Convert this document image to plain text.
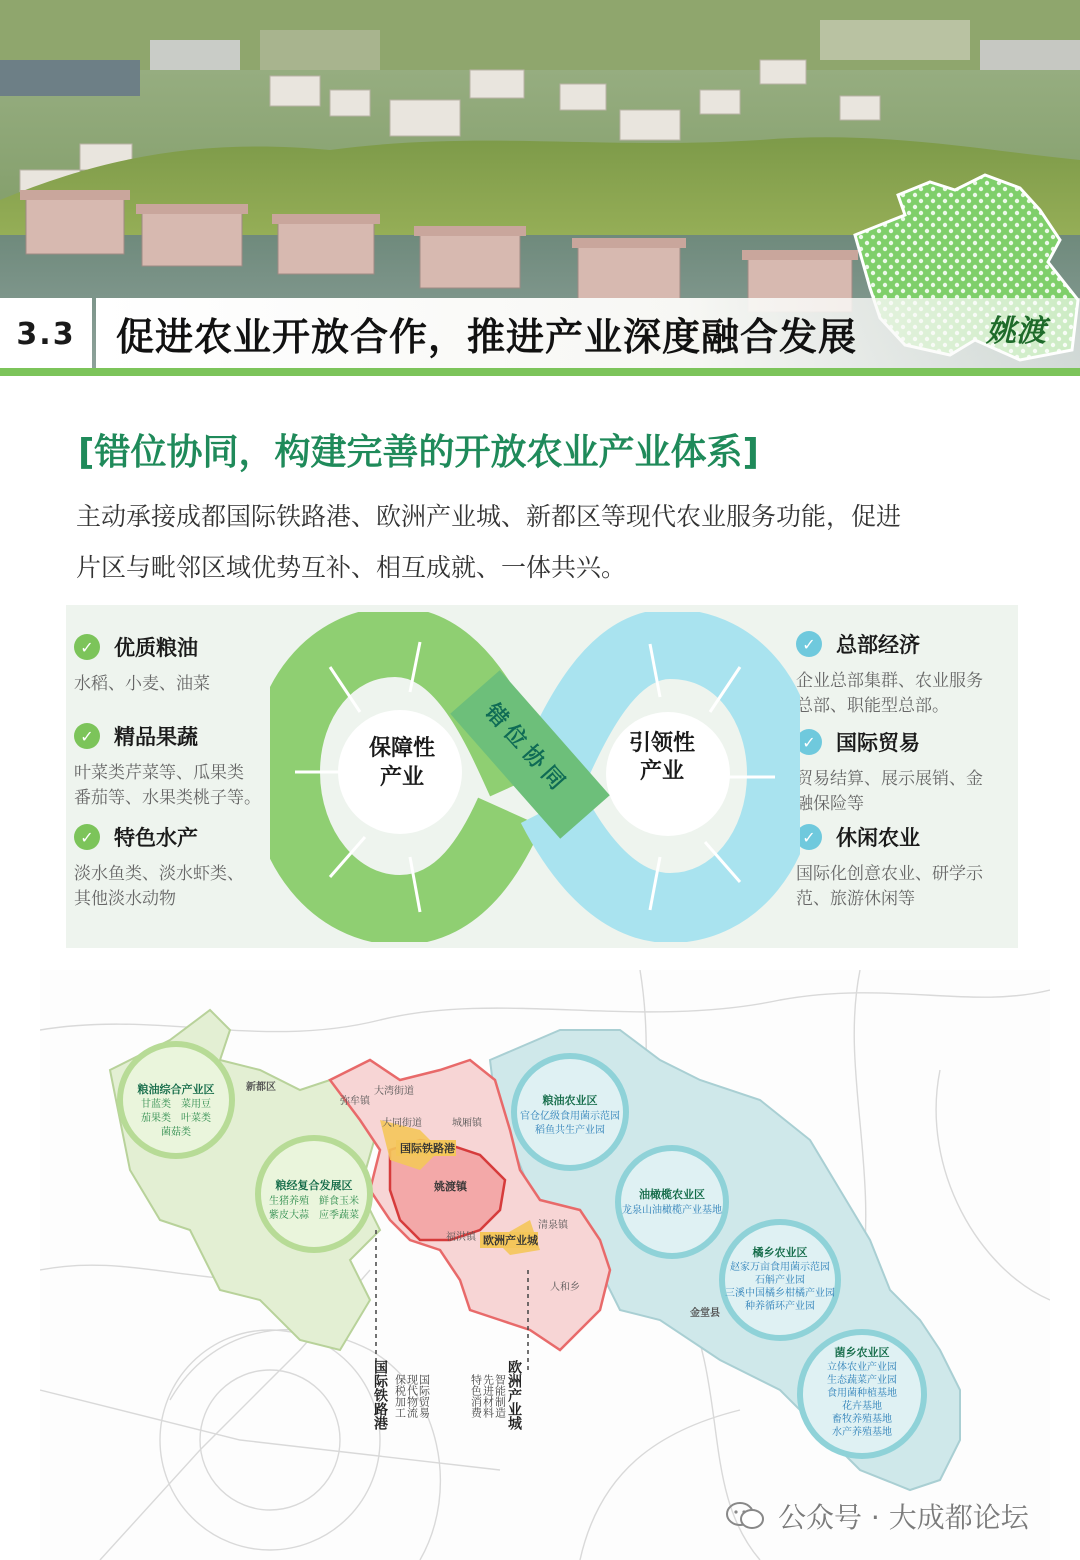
3.3	促进农业开放合作，推进产业深度融合发展	姚渡
[错位协同，构建完善的开放农业产业体系]
主动承接成都国际铁路港、欧洲产业城、新都区等现代农业服务功能，促进
片区与毗邻区域优势互补、相互成就、一体共兴。
✓ 优质粮油
水稻、小麦、油菜
✓ 精品果蔬
叶菜类芹菜等、瓜果类
番茄等、水果类桃子等。
✓ 特色水产
淡水鱼类、淡水虾类、
其他淡水动物
✓ 总部经济
企业总部集群、农业服务
总部、职能型总部。
✓ 国际贸易
贸易结算、展示展销、金
融保险等
✓ 休闲农业
国际化创意农业、研学示
范、旅游休闲等
保障性
产业
引领性
产业
错位协同
新都区
弥牟镇
大湾街道
大同街道	城厢镇
清泉镇
福洪镇
人和乡
金堂县
国际铁路港
姚渡镇
欧洲产业城
粮油综合产业区
甘蓝类　菜用豆
茄果类　叶菜类
菌菇类
粮经复合发展区
生猪养殖　鲜食玉米
紫皮大蒜　应季蔬菜
粮油农业区
官仓亿级食用菌示范园
稻鱼共生产业园
油橄榄农业区
龙泉山油橄榄产业基地
橘乡农业区
赵家万亩食用菌示范园
石斛产业园
三溪中国橘乡柑橘产业园
种养循环产业园
菌乡农业区
立体农业产业园
生态蔬菜产业园
食用菌种植基地
花卉基地
畜牧养殖基地
水产养殖基地
国际铁路港 保税加工 现代物流 国际贸易	智能制造
先进材料
特色消费 欧洲产业城
公众号 · 大成都论坛
